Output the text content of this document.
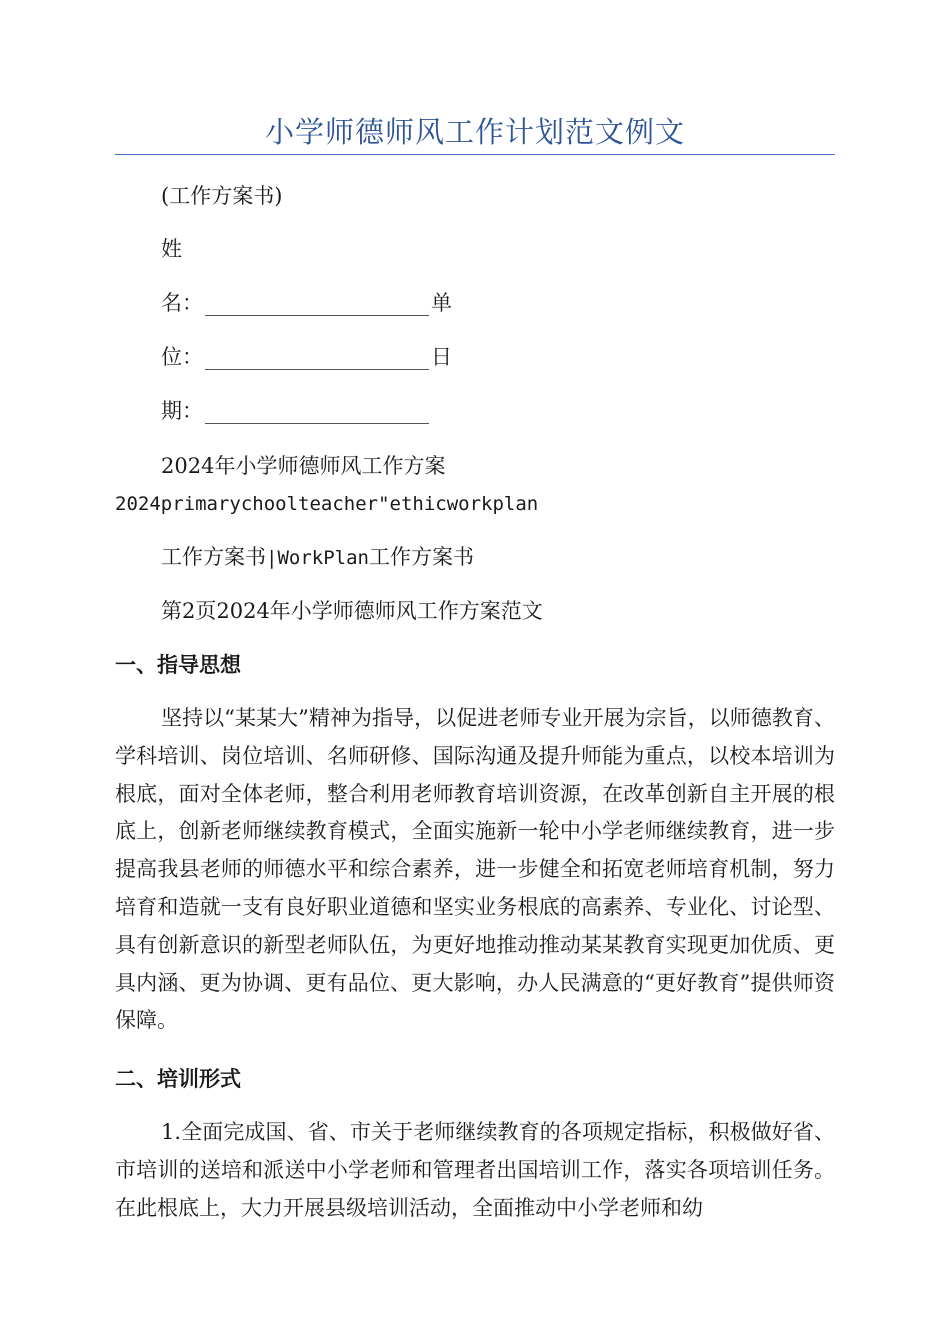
小学师德师风工作计划范文例文
(工作方案书)
姓
名：	单
位：	日
期：
2024年小学师德师风工作方案
2024primarychoolteacher"ethicworkplan
工作方案书|WorkPlan工作方案书
第2页2024年小学师德师风工作方案范文
一、指导思想

坚持以“某某大”精神为指导，以促进老师专业开展为宗旨，以师德教育、学科培训、岗位培训、名师研修、国际沟通及提升师能为重点，以校本培训为根底，面对全体老师，整合利用老师教育培训资源，在改革创新自主开展的根底上，创新老师继续教育模式，全面实施新一轮中小学老师继续教育，进一步提高我县老师的师德水平和综合素养，进一步健全和拓宽老师培育机制，努力培育和造就一支有良好职业道德和坚实业务根底的高素养、专业化、讨论型、具有创新意识的新型老师队伍，为更好地推动推动某某教育实现更加优质、更具内涵、更为协调、更有品位、更大影响，办人民满意的“更好教育”提供师资保障。

二、培训形式

1.全面完成国、省、市关于老师继续教育的各项规定指标，积极做好省、市培训的送培和派送中小学老师和管理者出国培训工作，落实各项培训任务。在此根底上，大力开展县级培训活动，全面推动中小学老师和幼
